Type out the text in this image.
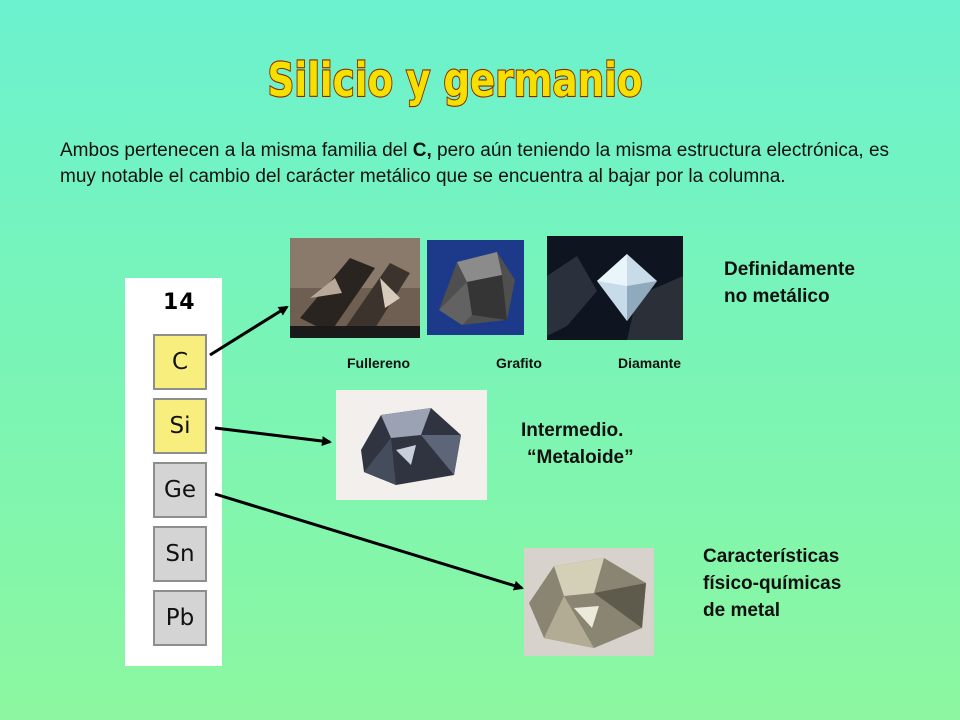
Silicio y germanio
Ambos pertenecen a la misma familia del C, pero aún teniendo la misma estructura electrónica, es muy notable el cambio del carácter metálico que se encuentra al bajar por la columna.
14
C
Si
Ge
Sn
Pb
Fullereno	Grafito	Diamante
Definidamente
no metálico
Intermedio.
“Metaloide”
Características
físico-químicas
de metal
